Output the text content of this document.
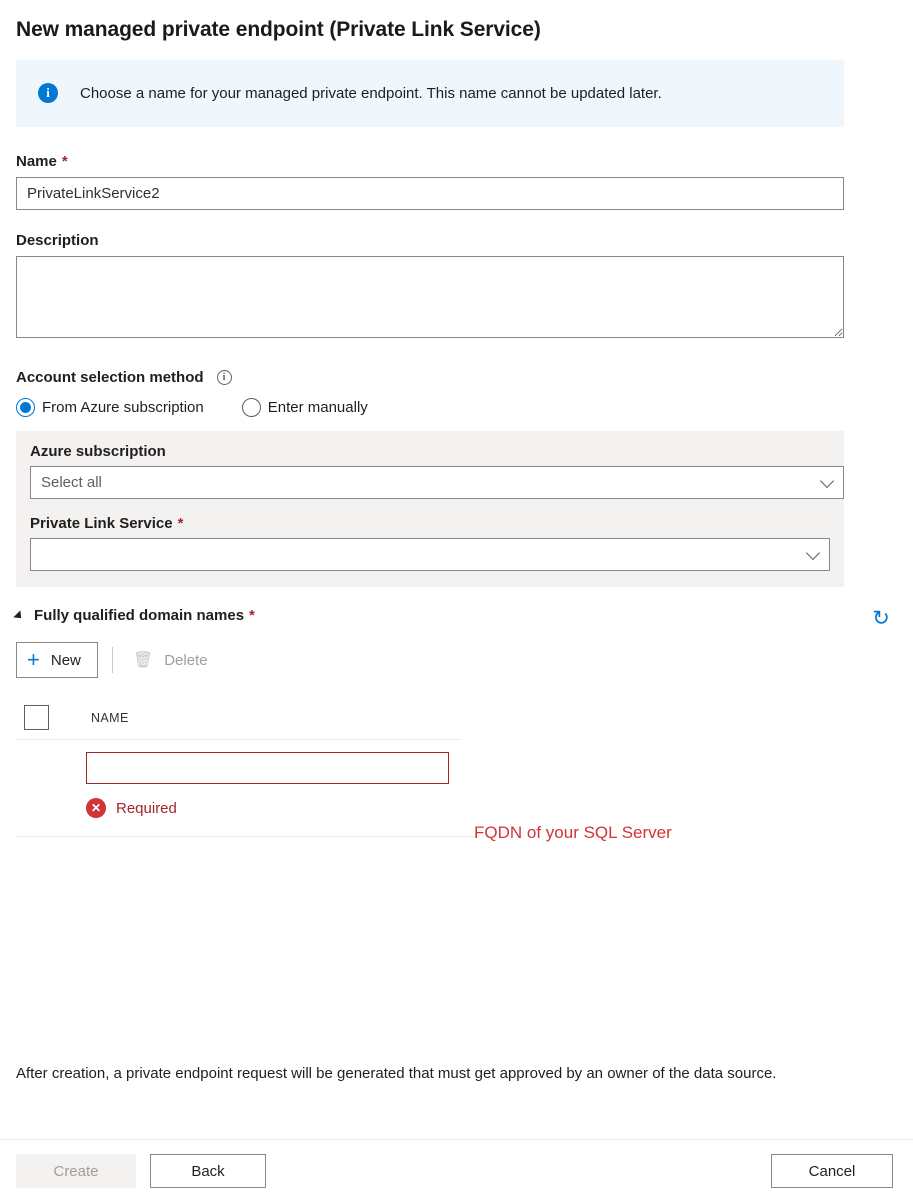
New managed private endpoint (Private Link Service)
i	Choose a name for your managed private endpoint. This name cannot be updated later.
Name *
PrivateLinkService2
Description
Account selection method	i
From Azure subscription	Enter manually
Azure subscription
Select all
Private Link Service *
Fully qualified domain names *
+ New	🗑 Delete
NAME
✕ Required
↻
FQDN of your SQL Server
After creation, a private endpoint request will be generated that must get approved by an owner of the data source.
Create	Back	Cancel
